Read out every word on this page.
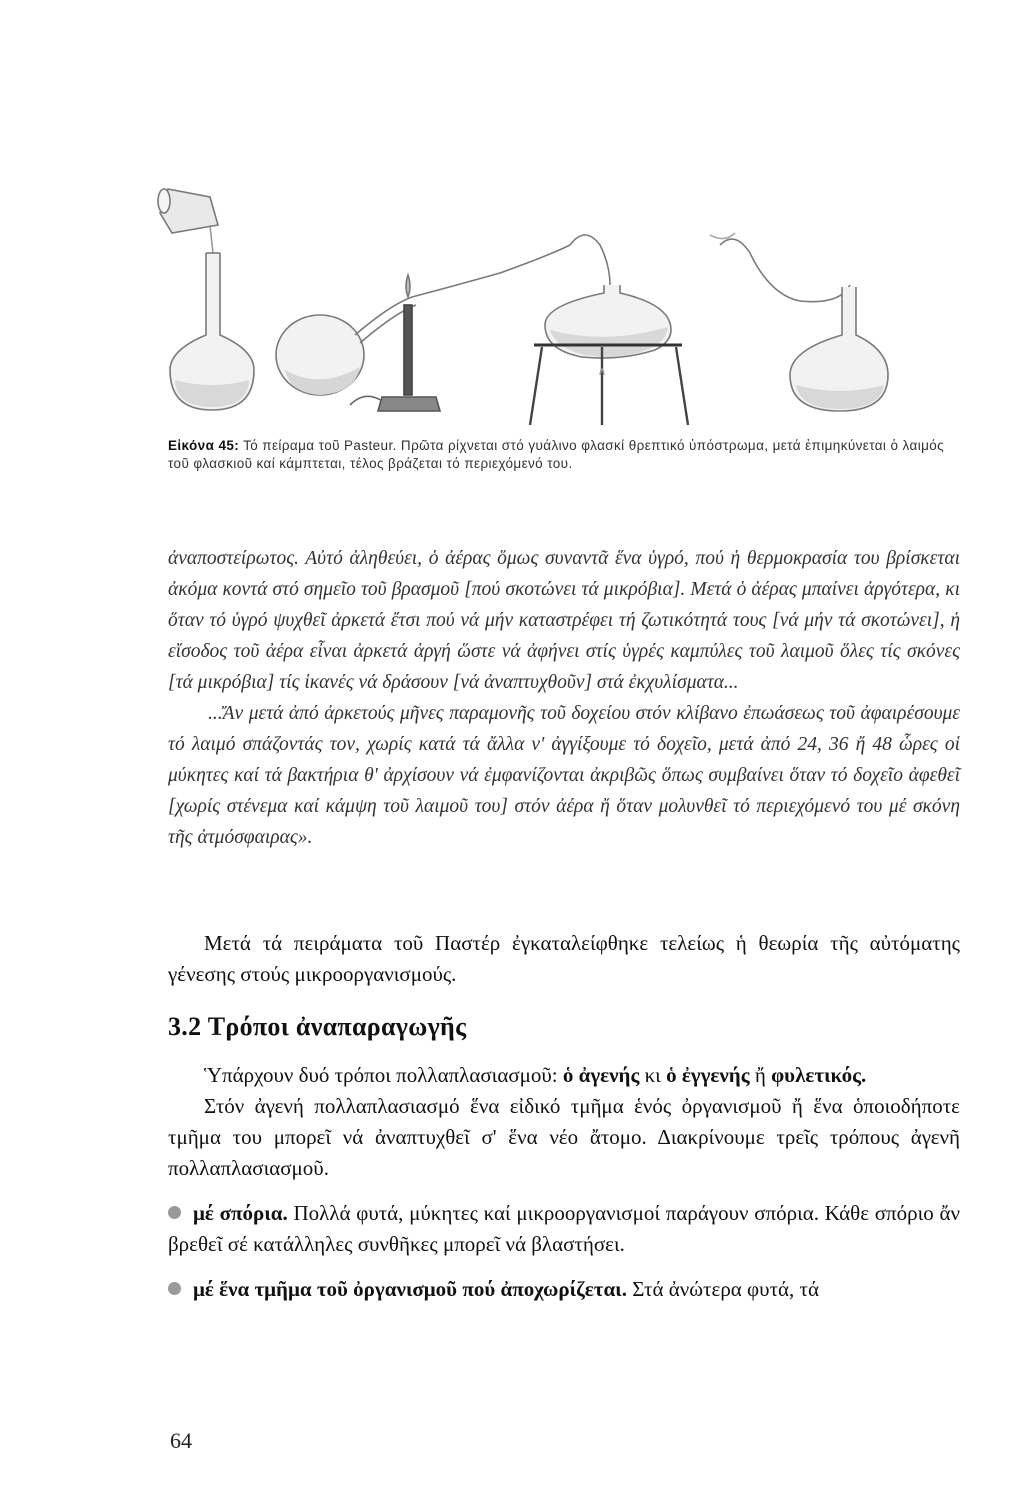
Εἰκόνα 45: Τό πείραμα τοῦ Pasteur. Πρῶτα ρίχνεται στό γυάλινο φλασκί θρεπτικό ὑπόστρωμα, μετά ἐπιμηκύνεται ὁ λαιμός τοῦ φλασκιοῦ καί κάμπτεται, τέλος βράζεται τό περιεχόμενό του.

ἀναποστείρωτος. Αὐτό ἀληθεύει, ὁ ἀέρας ὅμως συναντᾶ ἕνα ὑγρό, πού ἡ θερμοκρασία του βρίσκεται ἀκόμα κοντά στό σημεῖο τοῦ βρασμοῦ [πού σκοτώνει τά μικρόβια]. Μετά ὁ ἀέρας μπαίνει ἀργότερα, κι ὅταν τό ὑγρό ψυχθεῖ ἀρκετά ἔτσι πού νά μήν καταστρέφει τή ζωτικότητά τους [νά μήν τά σκοτώνει], ἡ εἴσοδος τοῦ ἀέρα εἶναι ἀρκετά ἀργή ὥστε νά ἀφήνει στίς ὑγρές καμπύλες τοῦ λαιμοῦ ὅλες τίς σκόνες [τά μικρόβια] τίς ἱκανές νά δράσουν [νά ἀναπτυχθοῦν] στά ἐκχυλίσματα...

...Ἄν μετά ἀπό ἀρκετούς μῆνες παραμονῆς τοῦ δοχείου στόν κλίβανο ἐπωάσεως τοῦ ἀφαιρέσουμε τό λαιμό σπάζοντάς τον, χωρίς κατά τά ἄλλα ν' ἀγγίξουμε τό δοχεῖο, μετά ἀπό 24, 36 ἤ 48 ὧρες οἱ μύκητες καί τά βακτήρια θ' ἀρχίσουν νά ἐμφανίζονται ἀκριβῶς ὅπως συμβαίνει ὅταν τό δοχεῖο ἀφεθεῖ [χωρίς στένεμα καί κάμψη τοῦ λαιμοῦ του] στόν ἀέρα ἤ ὅταν μολυνθεῖ τό περιεχόμενό του μέ σκόνη τῆς ἀτμόσφαιρας».

Μετά τά πειράματα τοῦ Παστέρ ἐγκαταλείφθηκε τελείως ἡ θεωρία τῆς αὐτόματης γένεσης στούς μικροοργανισμούς.

3.2 Τρόποι ἀναπαραγωγῆς

Ὑπάρχουν δυό τρόποι πολλαπλασιασμοῦ: ὁ ἀγενής κι ὁ ἐγγενής ἤ φυλετικός.

Στόν ἀγενή πολλαπλασιασμό ἕνα εἰδικό τμῆμα ἑνός ὀργανισμοῦ ἤ ἕνα ὁποιοδήποτε τμῆμα του μπορεῖ νά ἀναπτυχθεῖ σ' ἕνα νέο ἄτομο. Διακρίνουμε τρεῖς τρόπους ἀγενῆ πολλαπλασιασμοῦ.

μέ σπόρια. Πολλά φυτά, μύκητες καί μικροοργανισμοί παράγουν σπόρια. Κάθε σπόριο ἄν βρεθεῖ σέ κατάλληλες συνθῆκες μπορεῖ νά βλαστήσει.

μέ ἕνα τμῆμα τοῦ ὀργανισμοῦ πού ἀποχωρίζεται. Στά ἀνώτερα φυτά, τά

64
